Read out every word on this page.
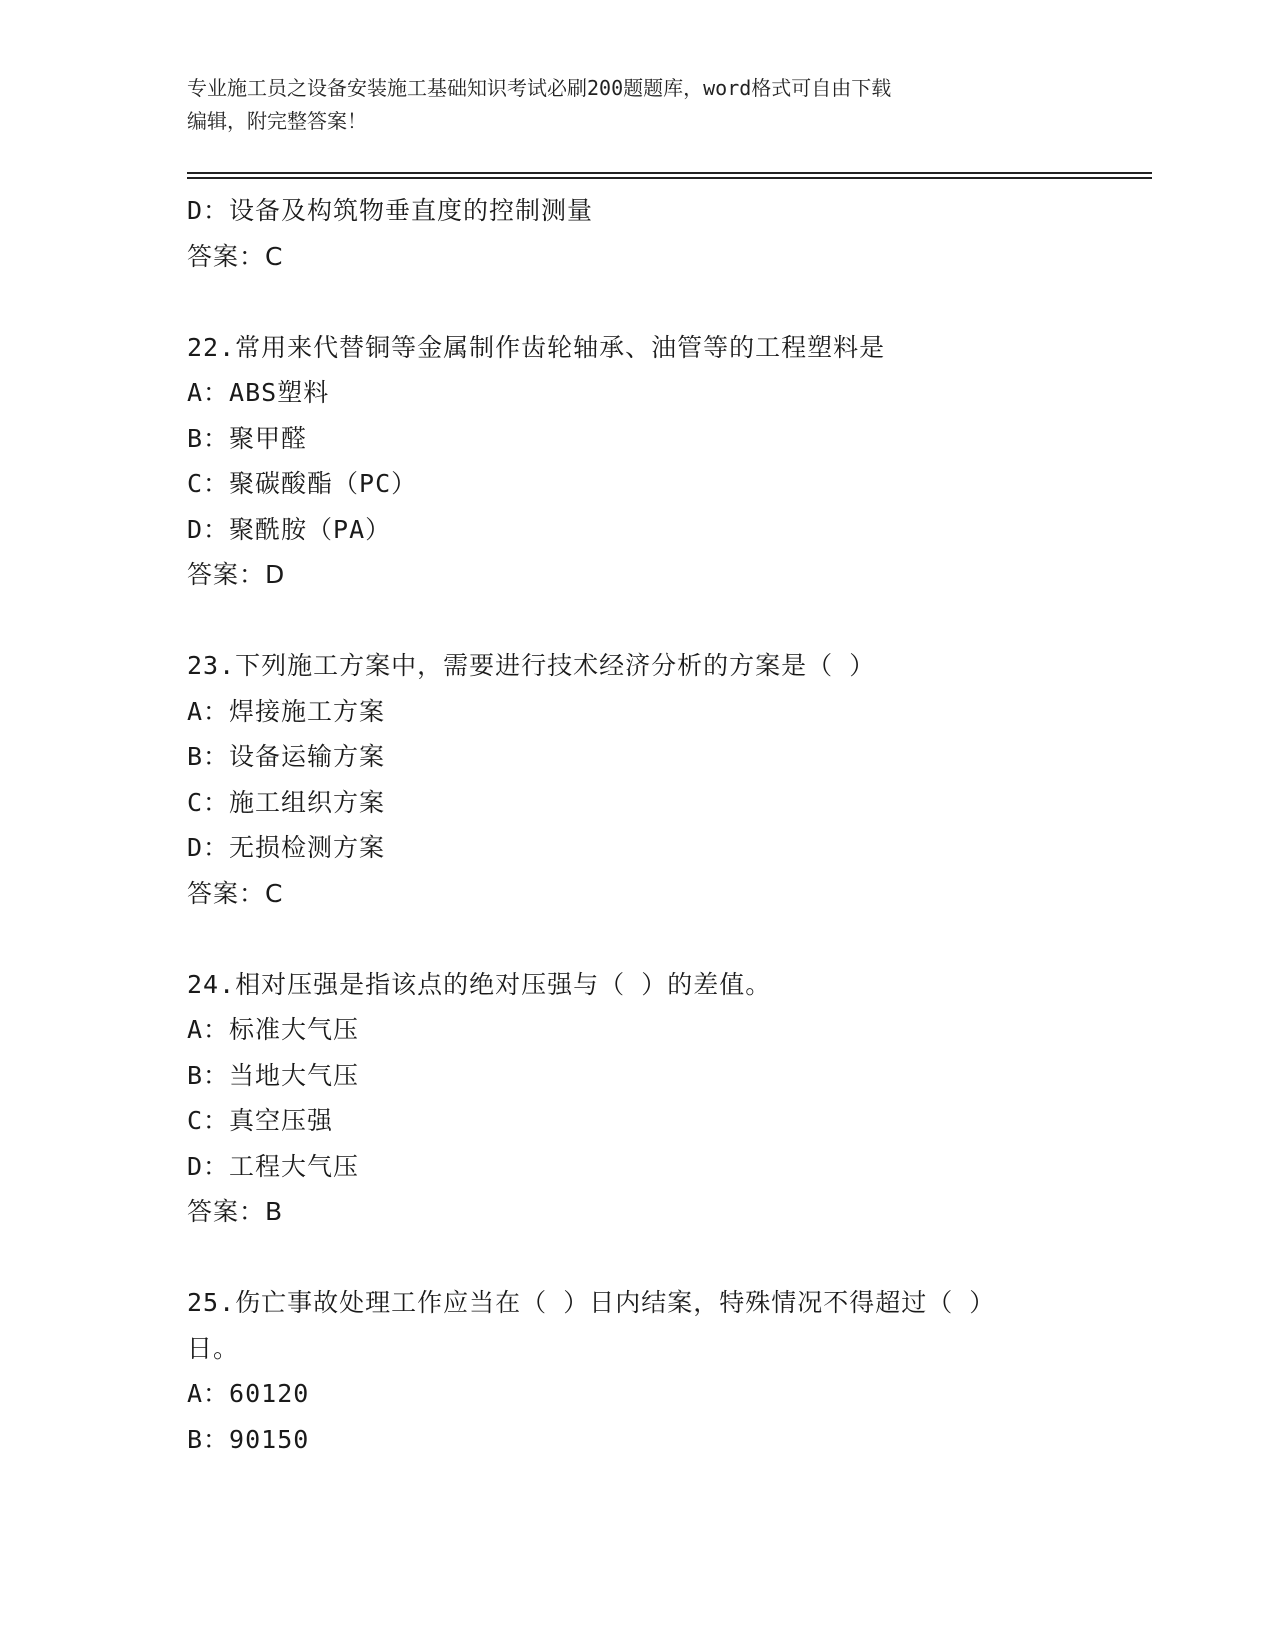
专业施工员之设备安装施工基础知识考试必刷200题题库，word格式可自由下载
编辑，附完整答案！
D：设备及构筑物垂直度的控制测量
答案：C
22.常用来代替铜等金属制作齿轮轴承、油管等的工程塑料是
A：ABS塑料
B：聚甲醛
C：聚碳酸酯（PC）
D：聚酰胺（PA）
答案：D
23.下列施工方案中，需要进行技术经济分析的方案是（ ）
A：焊接施工方案
B：设备运输方案
C：施工组织方案
D：无损检测方案
答案：C
24.相对压强是指该点的绝对压强与（ ）的差值。
A：标准大气压
B：当地大气压
C：真空压强
D：工程大气压
答案：B
25.伤亡事故处理工作应当在（ ）日内结案，特殊情况不得超过（ ）
日。
A：60120
B：90150
